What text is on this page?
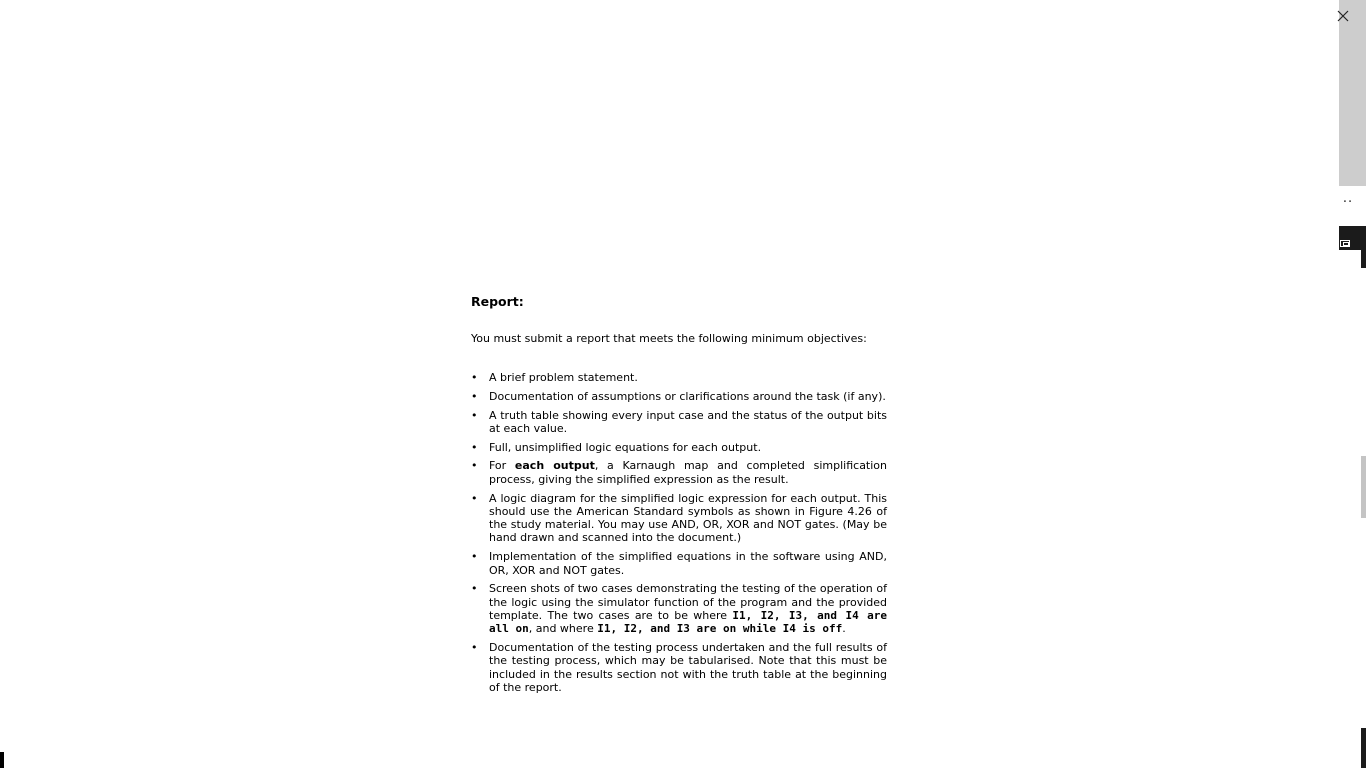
··

Report:

You must submit a report that meets the following minimum objectives:

• A brief problem statement.
• Documentation of assumptions or clarifications around the task (if any).
• A truth table showing every input case and the status of the output bits at each value.
• Full, unsimplified logic equations for each output.
• For each output, a Karnaugh map and completed simplification process, giving the simplified expression as the result.
• A logic diagram for the simplified logic expression for each output. This should use the American Standard symbols as shown in Figure 4.26 of the study material. You may use AND, OR, XOR and NOT gates. (May be hand drawn and scanned into the document.)
• Implementation of the simplified equations in the software using AND, OR, XOR and NOT gates.
• Screen shots of two cases demonstrating the testing of the operation of the logic using the simulator function of the program and the provided template. The two cases are to be where I1, I2, I3, and I4 are all on, and where I1, I2, and I3 are on while I4 is off.
• Documentation of the testing process undertaken and the full results of the testing process, which may be tabularised. Note that this must be included in the results section not with the truth table at the beginning of the report.
